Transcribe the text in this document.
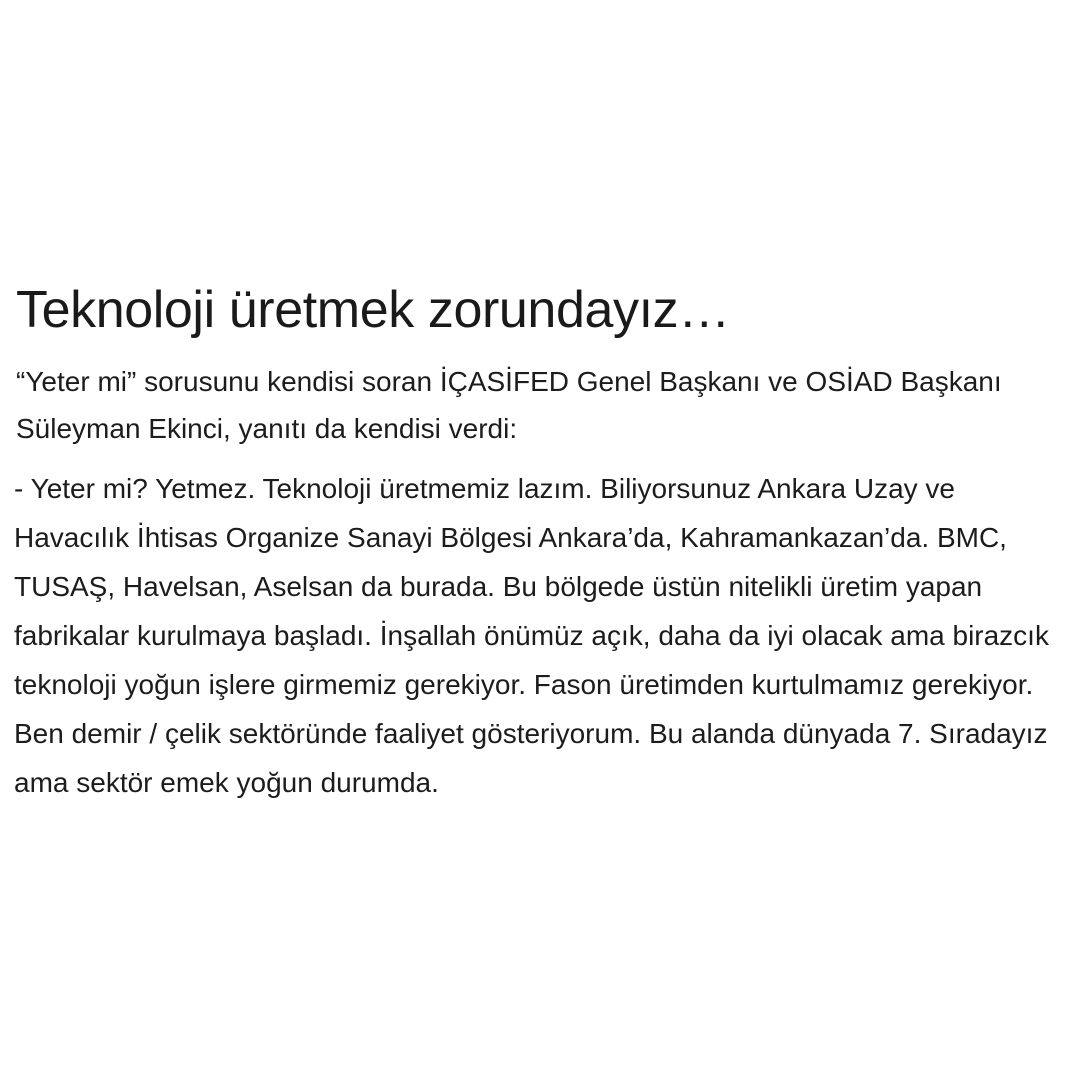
Teknoloji üretmek zorundayız…

“Yeter mi” sorusunu kendisi soran İÇASİFED Genel Başkanı ve OSİAD Başkanı Süleyman Ekinci, yanıtı da kendisi verdi:

- Yeter mi? Yetmez. Teknoloji üretmemiz lazım. Biliyorsunuz Ankara Uzay ve Havacılık İhtisas Organize Sanayi Bölgesi Ankara’da, Kahramankazan’da. BMC, TUSAŞ, Havelsan, Aselsan da burada. Bu bölgede üstün nitelikli üretim yapan fabrikalar kurulmaya başladı. İnşallah önümüz açık, daha da iyi olacak ama birazcık teknoloji yoğun işlere girmemiz gerekiyor. Fason üretimden kurtulmamız gerekiyor. Ben demir / çelik sektöründe faaliyet gösteriyorum. Bu alanda dünyada 7. Sıradayız ama sektör emek yoğun durumda.
